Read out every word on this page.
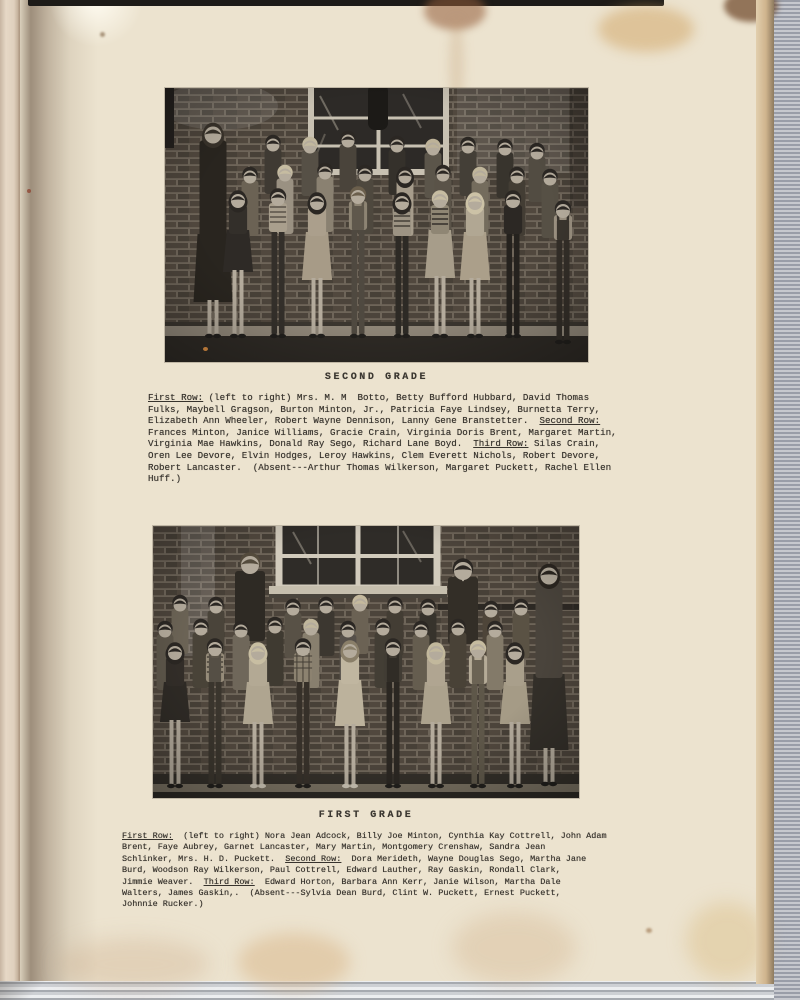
SECOND GRADE
First Row: (left to right) Mrs. M. M  Botto, Betty Bufford Hubbard, David Thomas
Fulks, Maybell Gragson, Burton Minton, Jr., Patricia Faye Lindsey, Burnetta Terry,
Elizabeth Ann Wheeler, Robert Wayne Dennison, Lanny Gene Branstetter.  Second Row:
Frances Minton, Janice Williams, Gracie Crain, Virginia Doris Brent, Margaret Martin,
Virginia Mae Hawkins, Donald Ray Sego, Richard Lane Boyd.  Third Row: Silas Crain,
Oren Lee Devore, Elvin Hodges, Leroy Hawkins, Clem Everett Nichols, Robert Devore,
Robert Lancaster.  (Absent---Arthur Thomas Wilkerson, Margaret Puckett, Rachel Ellen
Huff.)
FIRST GRADE
First Row:  (left to right) Nora Jean Adcock, Billy Joe Minton, Cynthia Kay Cottrell, John Adam
Brent, Faye Aubrey, Garnet Lancaster, Mary Martin, Montgomery Crenshaw, Sandra Jean
Schlinker, Mrs. H. D. Puckett.  Second Row:  Dora Merideth, Wayne Douglas Sego, Martha Jane
Burd, Woodson Ray Wilkerson, Paul Cottrell, Edward Lauther, Ray Gaskin, Rondall Clark,
Jimmie Weaver.  Third Row:  Edward Horton, Barbara Ann Kerr, Janie Wilson, Martha Dale
Walters, James Gaskin,.  (Absent---Sylvia Dean Burd, Clint W. Puckett, Ernest Puckett,
Johnnie Rucker.)
